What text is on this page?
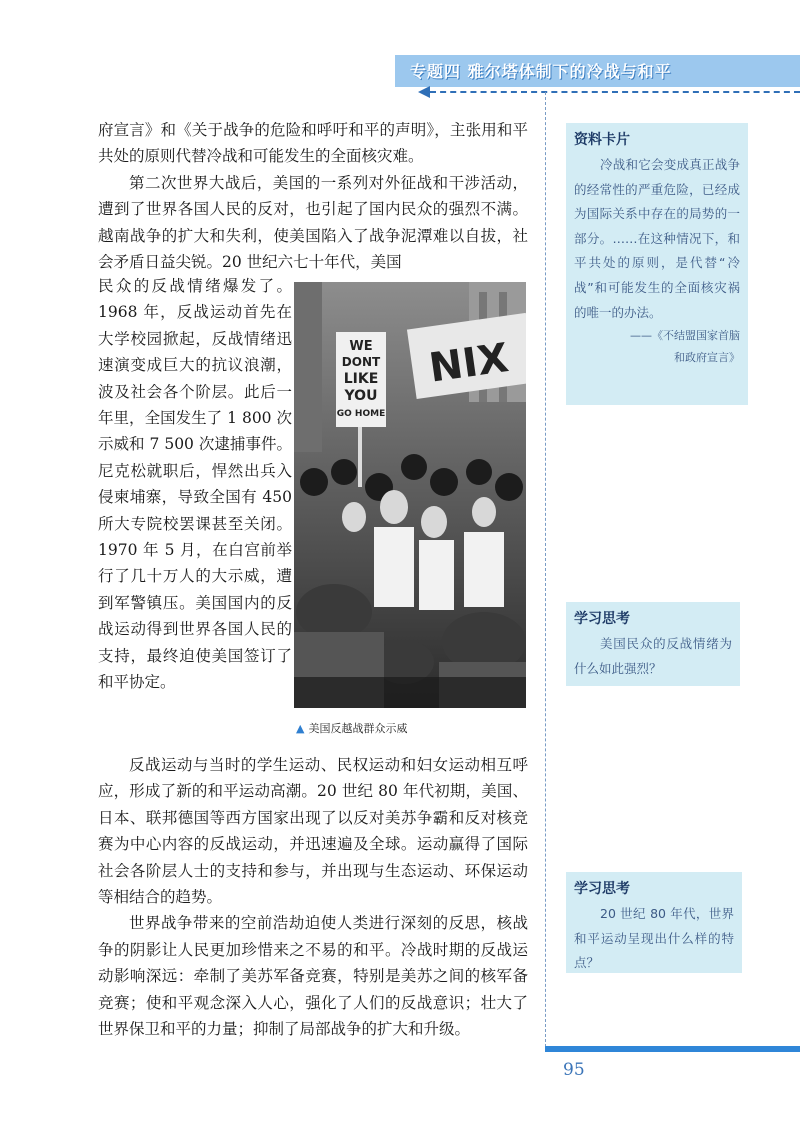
专题四 雅尔塔体制下的冷战与和平

府宣言》和《关于战争的危险和呼吁和平的声明》，主张用和平共处的原则代替冷战和可能发生的全面核灾难。

第二次世界大战后，美国的一系列对外征战和干涉活动，遭到了世界各国人民的反对，也引起了国内民众的强烈不满。越南战争的扩大和失利，使美国陷入了战争泥潭难以自拔，社会矛盾日益尖锐。20 世纪六七十年代，美国

民众的反战情绪爆发了。1968 年，反战运动首先在大学校园掀起，反战情绪迅速演变成巨大的抗议浪潮，波及社会各个阶层。此后一年里，全国发生了 1 800 次示威和 7 500 次逮捕事件。尼克松就职后，悍然出兵入侵柬埔寨，导致全国有 450 所大专院校罢课甚至关闭。1970 年 5 月，在白宫前举行了几十万人的大示威，遭到军警镇压。美国国内的反战运动得到世界各国人民的支持，最终迫使美国签订了和平协定。

反战运动与当时的学生运动、民权运动和妇女运动相互呼应，形成了新的和平运动高潮。20 世纪 80 年代初期，美国、日本、联邦德国等西方国家出现了以反对美苏争霸和反对核竞赛为中心内容的反战运动，并迅速遍及全球。运动赢得了国际社会各阶层人士的支持和参与，并出现与生态运动、环保运动等相结合的趋势。

世界战争带来的空前浩劫迫使人类进行深刻的反思，核战争的阴影让人民更加珍惜来之不易的和平。冷战时期的反战运动影响深远：牵制了美苏军备竞赛，特别是美苏之间的核军备竞赛；使和平观念深入人心，强化了人们的反战意识；壮大了世界保卫和平的力量；抑制了局部战争的扩大和升级。

NIX
WE
DONT
LIKE
YOU
GO HOME
▲ 美国反越战群众示威
资料卡片

冷战和它会变成真正战争的经常性的严重危险，已经成为国际关系中存在的局势的一部分。……在这种情况下，和平共处的原则，是代替“冷战”和可能发生的全面核灾祸的唯一的办法。

——《不结盟国家首脑
和政府宣言》
学习思考

美国民众的反战情绪为什么如此强烈？

学习思考

20 世纪 80 年代，世界和平运动呈现出什么样的特点？

95
